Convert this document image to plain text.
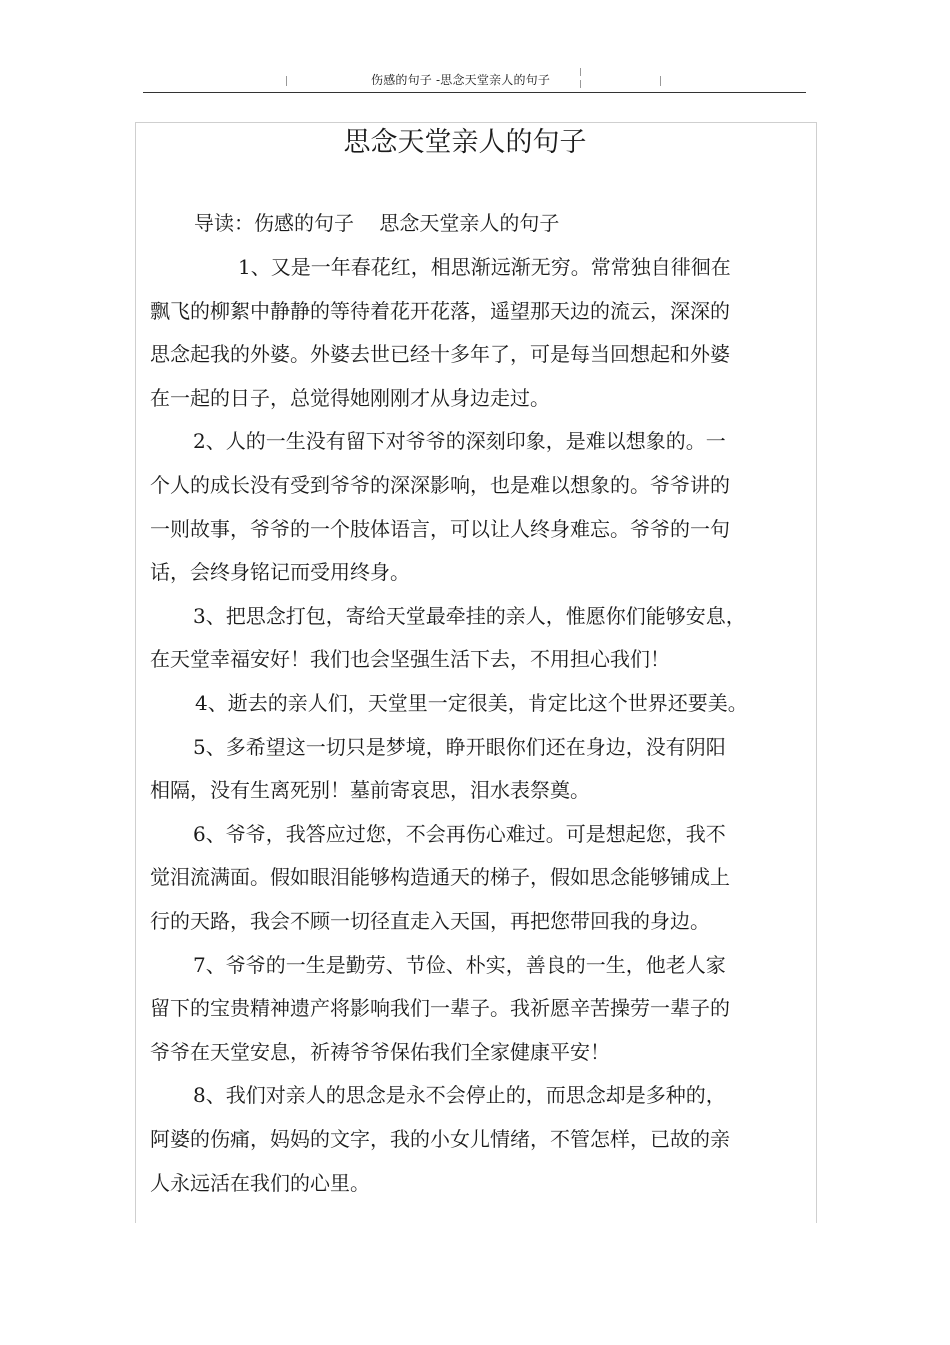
伤感的句子 -思念天堂亲人的句子
思念天堂亲人的句子
导读：伤感的句子    思念天堂亲人的句子
1、又是一年春花红，相思渐远渐无穷。常常独自徘徊在
飘飞的柳絮中静静的等待着花开花落，遥望那天边的流云，深深的
思念起我的外婆。外婆去世已经十多年了，可是每当回想起和外婆
在一起的日子，总觉得她刚刚才从身边走过。
2、人的一生没有留下对爷爷的深刻印象，是难以想象的。一
个人的成长没有受到爷爷的深深影响，也是难以想象的。爷爷讲的
一则故事，爷爷的一个肢体语言，可以让人终身难忘。爷爷的一句
话，会终身铭记而受用终身。
3、把思念打包，寄给天堂最牵挂的亲人，惟愿你们能够安息，
在天堂幸福安好！我们也会坚强生活下去，不用担心我们！
4、逝去的亲人们，天堂里一定很美，肯定比这个世界还要美。
5、多希望这一切只是梦境，睁开眼你们还在身边，没有阴阳
相隔，没有生离死别！墓前寄哀思，泪水表祭奠。
6、爷爷，我答应过您，不会再伤心难过。可是想起您，我不
觉泪流满面。假如眼泪能够构造通天的梯子，假如思念能够铺成上
行的天路，我会不顾一切径直走入天国，再把您带回我的身边。
7、爷爷的一生是勤劳、节俭、朴实，善良的一生，他老人家
留下的宝贵精神遗产将影响我们一辈子。我祈愿辛苦操劳一辈子的
爷爷在天堂安息，祈祷爷爷保佑我们全家健康平安！
8、我们对亲人的思念是永不会停止的，而思念却是多种的，
阿婆的伤痛，妈妈的文字，我的小女儿情绪，不管怎样，已故的亲
人永远活在我们的心里。
